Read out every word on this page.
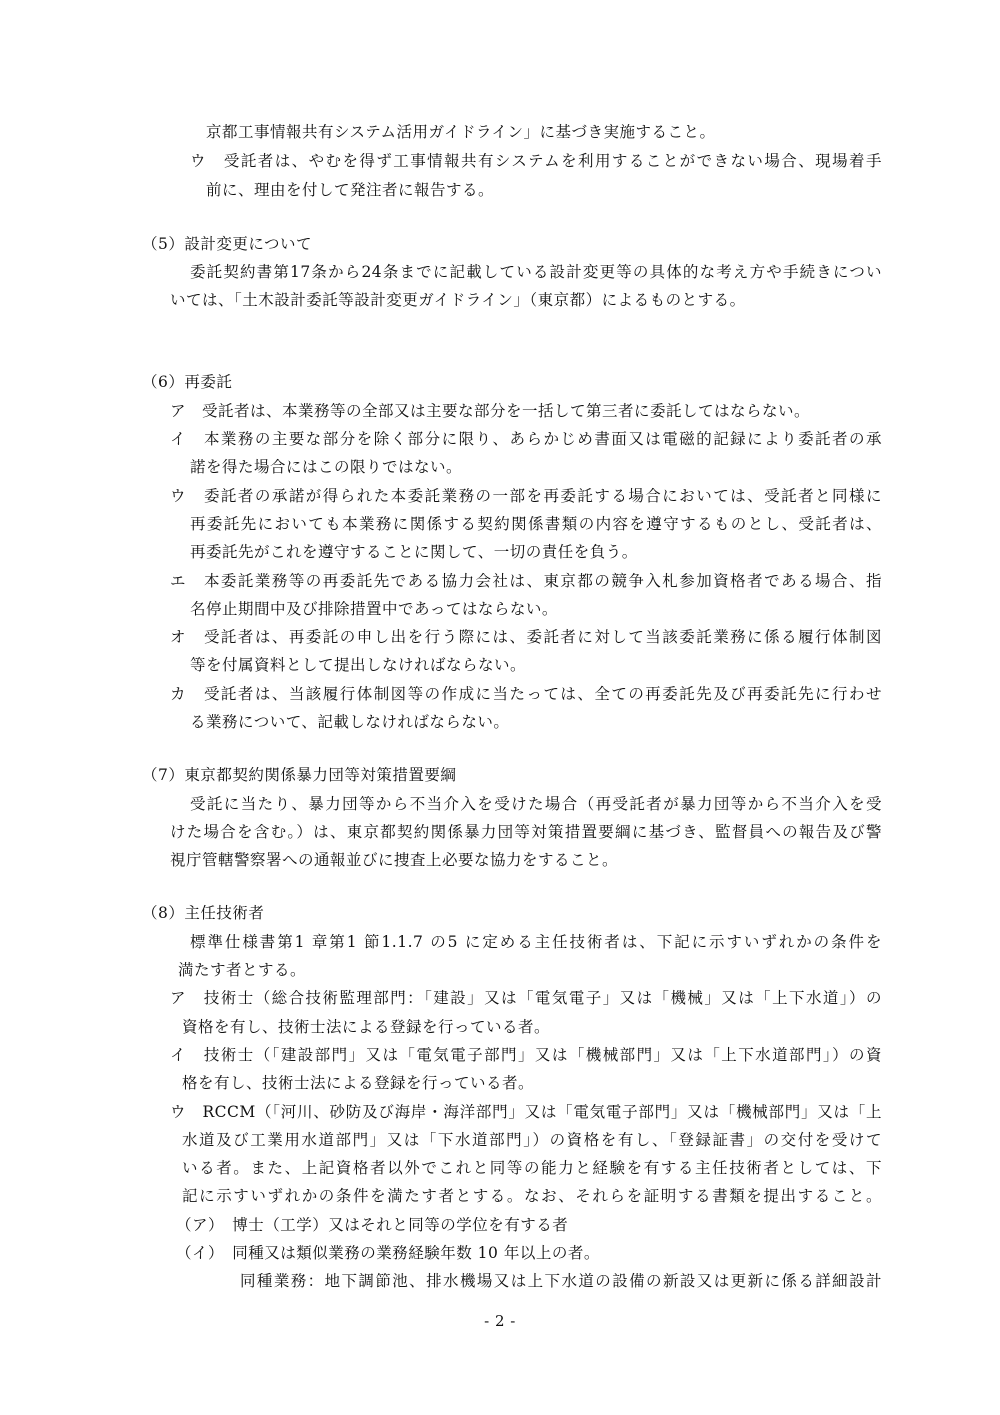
京都工事情報共有システム活用ガイドライン」に基づき実施すること。
ウ　受託者は、やむを得ず工事情報共有システムを利用することができない場合、現場着手
前に、理由を付して発注者に報告する。
（5）設計変更について
委託契約書第17条から24条までに記載している設計変更等の具体的な考え方や手続きについ
いては、「土木設計委託等設計変更ガイドライン」（東京都）によるものとする。
（6）再委託
ア　受託者は、本業務等の全部又は主要な部分を一括して第三者に委託してはならない。
イ　本業務の主要な部分を除く部分に限り、あらかじめ書面又は電磁的記録により委託者の承
諾を得た場合にはこの限りではない。
ウ　委託者の承諾が得られた本委託業務の一部を再委託する場合においては、受託者と同様に
再委託先においても本業務に関係する契約関係書類の内容を遵守するものとし、受託者は、
再委託先がこれを遵守することに関して、一切の責任を負う。
エ　本委託業務等の再委託先である協力会社は、東京都の競争入札参加資格者である場合、指
名停止期間中及び排除措置中であってはならない。
オ　受託者は、再委託の申し出を行う際には、委託者に対して当該委託業務に係る履行体制図
等を付属資料として提出しなければならない。
カ　受託者は、当該履行体制図等の作成に当たっては、全ての再委託先及び再委託先に行わせ
る業務について、記載しなければならない。
（7）東京都契約関係暴力団等対策措置要綱
受託に当たり、暴力団等から不当介入を受けた場合（再受託者が暴力団等から不当介入を受
けた場合を含む。）は、東京都契約関係暴力団等対策措置要綱に基づき、監督員への報告及び警
視庁管轄警察署への通報並びに捜査上必要な協力をすること。
（8）主任技術者
標準仕様書第1 章第1 節1.1.7 の5 に定める主任技術者は、下記に示すいずれかの条件を
満たす者とする。
ア　技術士（総合技術監理部門：「建設」又は「電気電子」又は「機械」又は「上下水道」）の
資格を有し、技術士法による登録を行っている者。
イ　技術士（「建設部門」又は「電気電子部門」又は「機械部門」又は「上下水道部門」）の資
格を有し、技術士法による登録を行っている者。
ウ　RCCM（「河川、砂防及び海岸・海洋部門」又は「電気電子部門」又は「機械部門」又は「上
水道及び工業用水道部門」又は「下水道部門」）の資格を有し、「登録証書」の交付を受けて
いる者。また、上記資格者以外でこれと同等の能力と経験を有する主任技術者としては、下
記に示すいずれかの条件を満たす者とする。なお、それらを証明する書類を提出すること。
（ア）　博士（工学）又はそれと同等の学位を有する者
（イ）　同種又は類似業務の業務経験年数 10 年以上の者。
同種業務：地下調節池、排水機場又は上下水道の設備の新設又は更新に係る詳細設計
- 2 -
